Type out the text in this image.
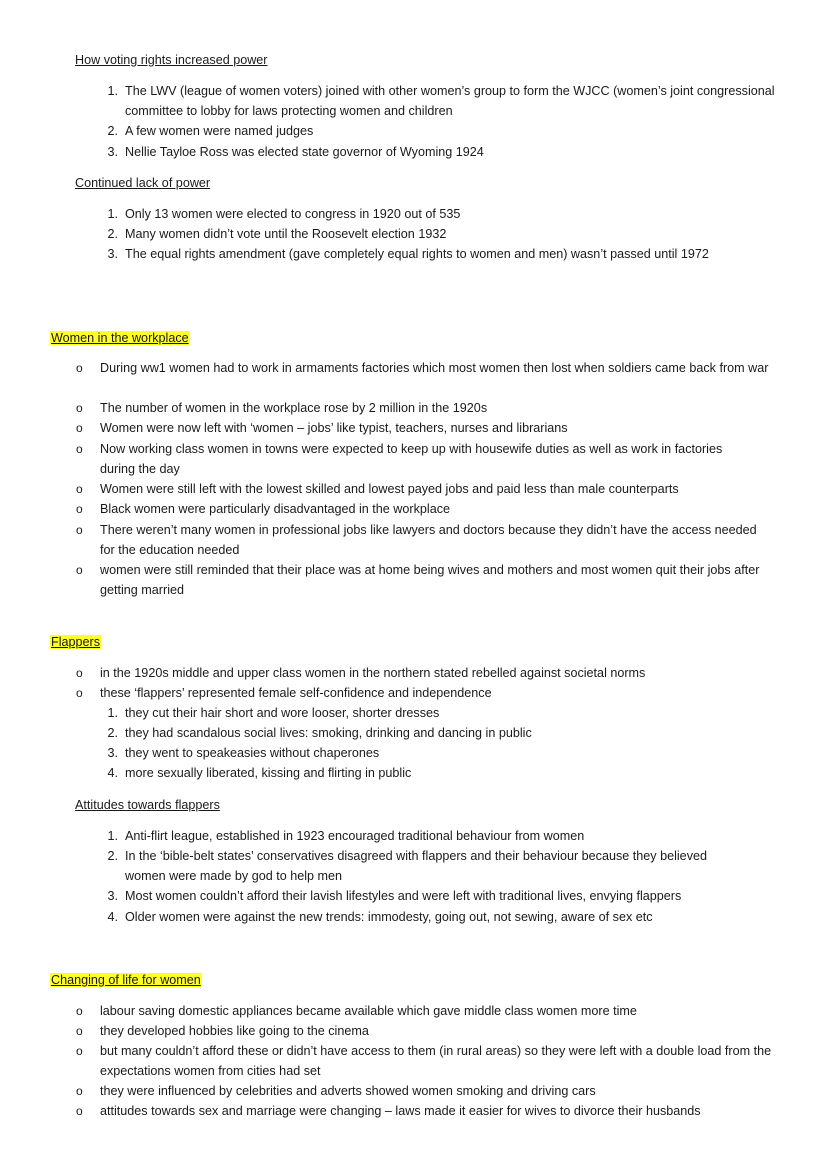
How voting rights increased power
1. The LWV (league of women voters) joined with other women’s group to form the WJCC (women’s joint congressional committee to lobby for laws protecting women and children
2. A few women were named judges
3. Nellie Tayloe Ross was elected state governor of Wyoming 1924
Continued lack of power
1. Only 13 women were elected to congress in 1920 out of 535
2. Many women didn’t vote until the Roosevelt election 1932
3. The equal rights amendment (gave completely equal rights to women and men) wasn’t passed until 1972
Women in the workplace
o During ww1 women had to work in armaments factories which most women then lost when soldiers came back from war
o The number of women in the workplace rose by 2 million in the 1920s
o Women were now left with ‘women – jobs’ like typist, teachers, nurses and librarians
o Now working class women in towns were expected to keep up with housewife duties as well as work in factories during the day
o Women were still left with the lowest skilled and lowest payed jobs and paid less than male counterparts
o Black women were particularly disadvantaged in the workplace
o There weren’t many women in professional jobs like lawyers and doctors because they didn’t have the access needed for the education needed
o women were still reminded that their place was at home being wives and mothers and most women quit their jobs after getting married
Flappers
o in the 1920s middle and upper class women in the northern stated rebelled against societal norms
o these ‘flappers’ represented female self-confidence and independence
1. they cut their hair short and wore looser, shorter dresses
2. they had scandalous social lives: smoking, drinking and dancing in public
3. they went to speakeasies without chaperones
4. more sexually liberated, kissing and flirting in public
Attitudes towards flappers
1. Anti-flirt league, established in 1923 encouraged traditional behaviour from women
2. In the ‘bible-belt states’ conservatives disagreed with flappers and their behaviour because they believed women were made by god to help men
3. Most women couldn’t afford their lavish lifestyles and were left with traditional lives, envying flappers
4. Older women were against the new trends: immodesty, going out, not sewing, aware of sex etc
Changing of life for women
o labour saving domestic appliances became available which gave middle class women more time
o they developed hobbies like going to the cinema
o but many couldn’t afford these or didn’t have access to them (in rural areas) so they were left with a double load from the expectations women from cities had set
o they were influenced by celebrities and adverts showed women smoking and driving cars
o attitudes towards sex and marriage were changing – laws made it easier for wives to divorce their husbands
